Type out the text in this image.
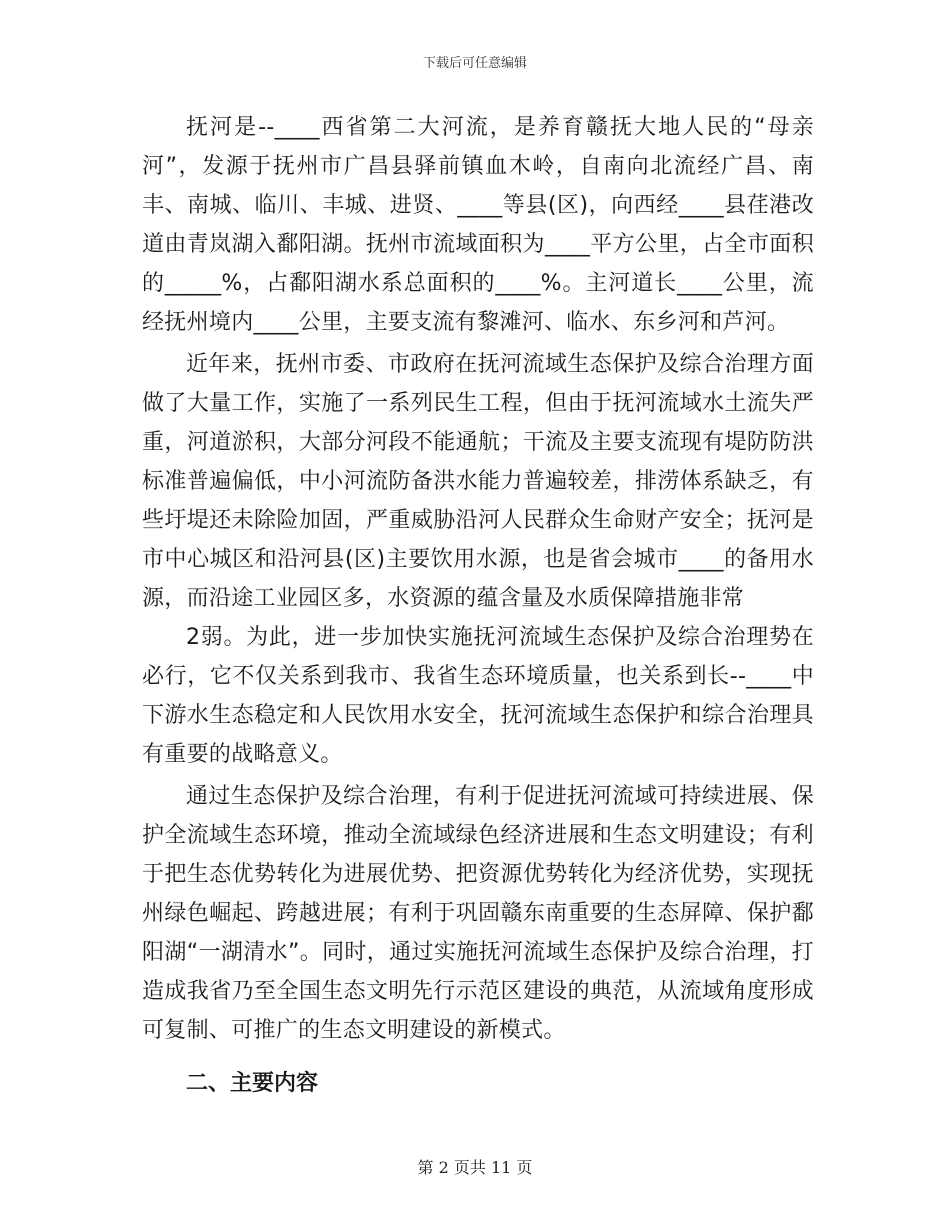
下载后可任意编辑

抚河是--____西省第二大河流，是养育赣抚大地人民的“母亲河”，发源于抚州市广昌县驿前镇血木岭，自南向北流经广昌、南丰、南城、临川、丰城、进贤、____等县(区)，向西经____县荏港改道由青岚湖入鄱阳湖。抚州市流域面积为____平方公里，占全市面积的_____%，占鄱阳湖水系总面积的____%。主河道长____公里，流经抚州境内____公里，主要支流有黎滩河、临水、东乡河和芦河。

近年来，抚州市委、市政府在抚河流域生态保护及综合治理方面做了大量工作，实施了一系列民生工程，但由于抚河流域水土流失严重，河道淤积，大部分河段不能通航；干流及主要支流现有堤防防洪标准普遍偏低，中小河流防备洪水能力普遍较差，排涝体系缺乏，有些圩堤还未除险加固，严重威胁沿河人民群众生命财产安全；抚河是市中心城区和沿河县(区)主要饮用水源，也是省会城市____的备用水源，而沿途工业园区多，水资源的蕴含量及水质保障措施非常

2弱。为此，进一步加快实施抚河流域生态保护及综合治理势在必行，它不仅关系到我市、我省生态环境质量，也关系到长--____中下游水生态稳定和人民饮用水安全，抚河流域生态保护和综合治理具有重要的战略意义。

通过生态保护及综合治理，有利于促进抚河流域可持续进展、保护全流域生态环境，推动全流域绿色经济进展和生态文明建设；有利于把生态优势转化为进展优势、把资源优势转化为经济优势，实现抚州绿色崛起、跨越进展；有利于巩固赣东南重要的生态屏障、保护鄱阳湖“一湖清水”。同时，通过实施抚河流域生态保护及综合治理，打造成我省乃至全国生态文明先行示范区建设的典范，从流域角度形成可复制、可推广的生态文明建设的新模式。

二、主要内容
第 2 页共 11 页
